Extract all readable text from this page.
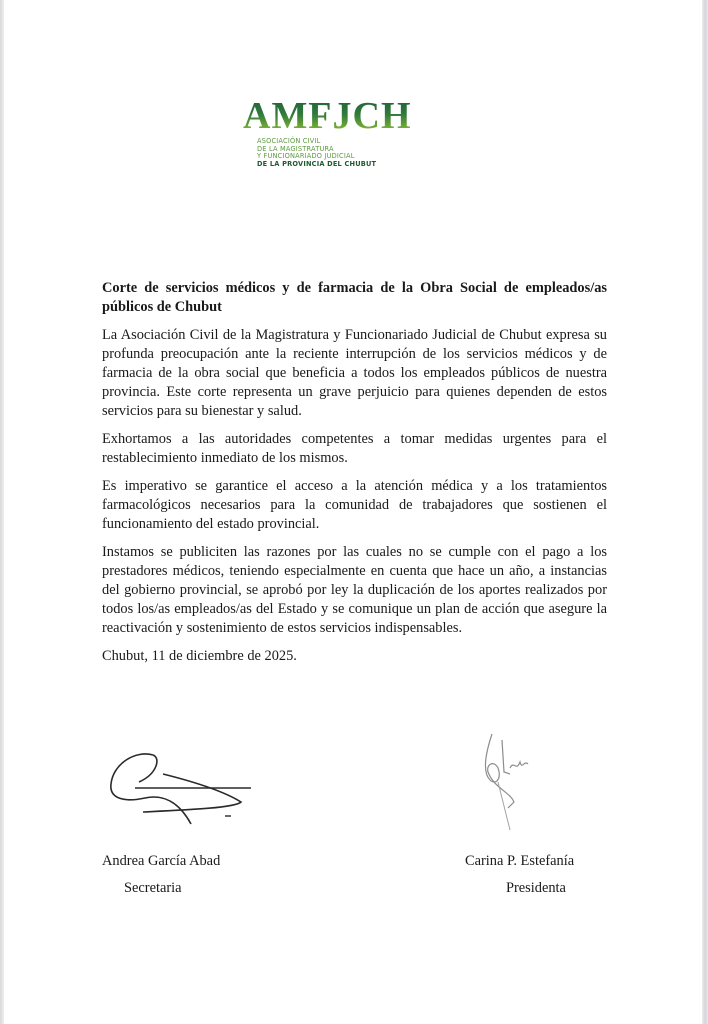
AMFJCH
ASOCIACIÓN CIVIL
DE LA MAGISTRATURA
Y FUNCIONARIADO JUDICIAL
DE LA PROVINCIA DEL CHUBUT

Corte de servicios médicos y de farmacia de la Obra Social de empleados/as públicos de Chubut

La Asociación Civil de la Magistratura y Funcionariado Judicial de Chubut expresa su profunda preocupación ante la reciente interrupción de los servicios médicos y de farmacia de la obra social que beneficia a todos los empleados públicos de nuestra provincia. Este corte representa un grave perjuicio para quienes dependen de estos servicios para su bienestar y salud.

Exhortamos a las autoridades competentes a tomar medidas urgentes para el restablecimiento inmediato de los mismos.

Es imperativo se garantice el acceso a la atención médica y a los tratamientos farmacológicos necesarios para la comunidad de trabajadores que sostienen el funcionamiento del estado provincial.

Instamos se publiciten las razones por las cuales no se cumple con el pago a los prestadores médicos, teniendo especialmente en cuenta que hace un año, a instancias del gobierno provincial, se aprobó por ley la duplicación de los aportes realizados por todos los/as empleados/as del Estado y se comunique un plan de acción que asegure la reactivación y sostenimiento de estos servicios indispensables.

Chubut, 11 de diciembre de 2025.

Andrea García Abad
Secretaria
Carina P. Estefanía
Presidenta
